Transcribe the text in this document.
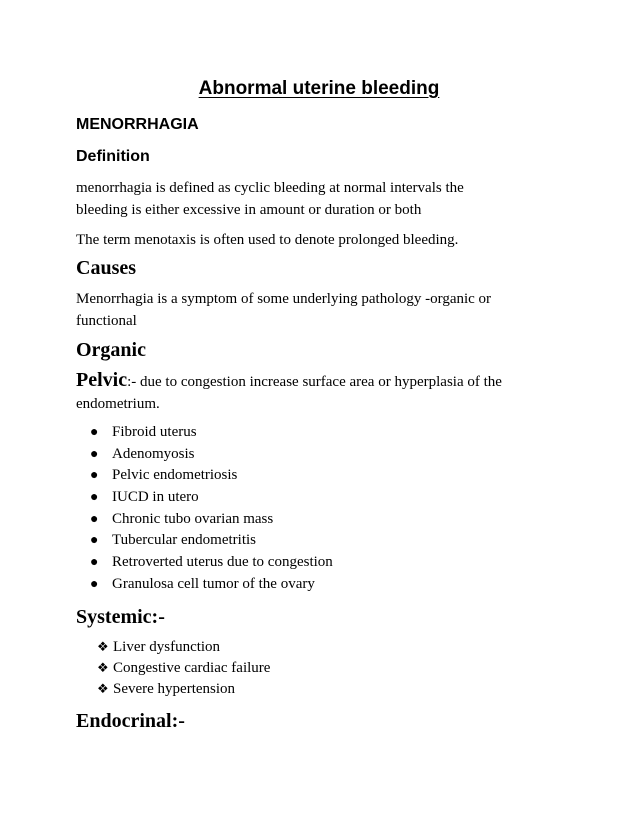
Abnormal uterine bleeding
MENORRHAGIA
Definition
menorrhagia is defined as cyclic bleeding at normal intervals the
bleeding is either excessive in amount or duration or both

The term menotaxis is often used to denote prolonged bleeding.

Causes
Menorrhagia is a symptom of some underlying pathology -organic or
functional
Organic
Pelvic:- due to congestion increase surface area or hyperplasia of the
endometrium.
● Fibroid uterus
● Adenomyosis
● Pelvic endometriosis
● IUCD in utero
● Chronic tubo ovarian mass
● Tubercular endometritis
● Retroverted uterus due to congestion
● Granulosa cell tumor of the ovary
Systemic:-
❖ Liver dysfunction
❖ Congestive cardiac failure
❖ Severe hypertension
Endocrinal:-
